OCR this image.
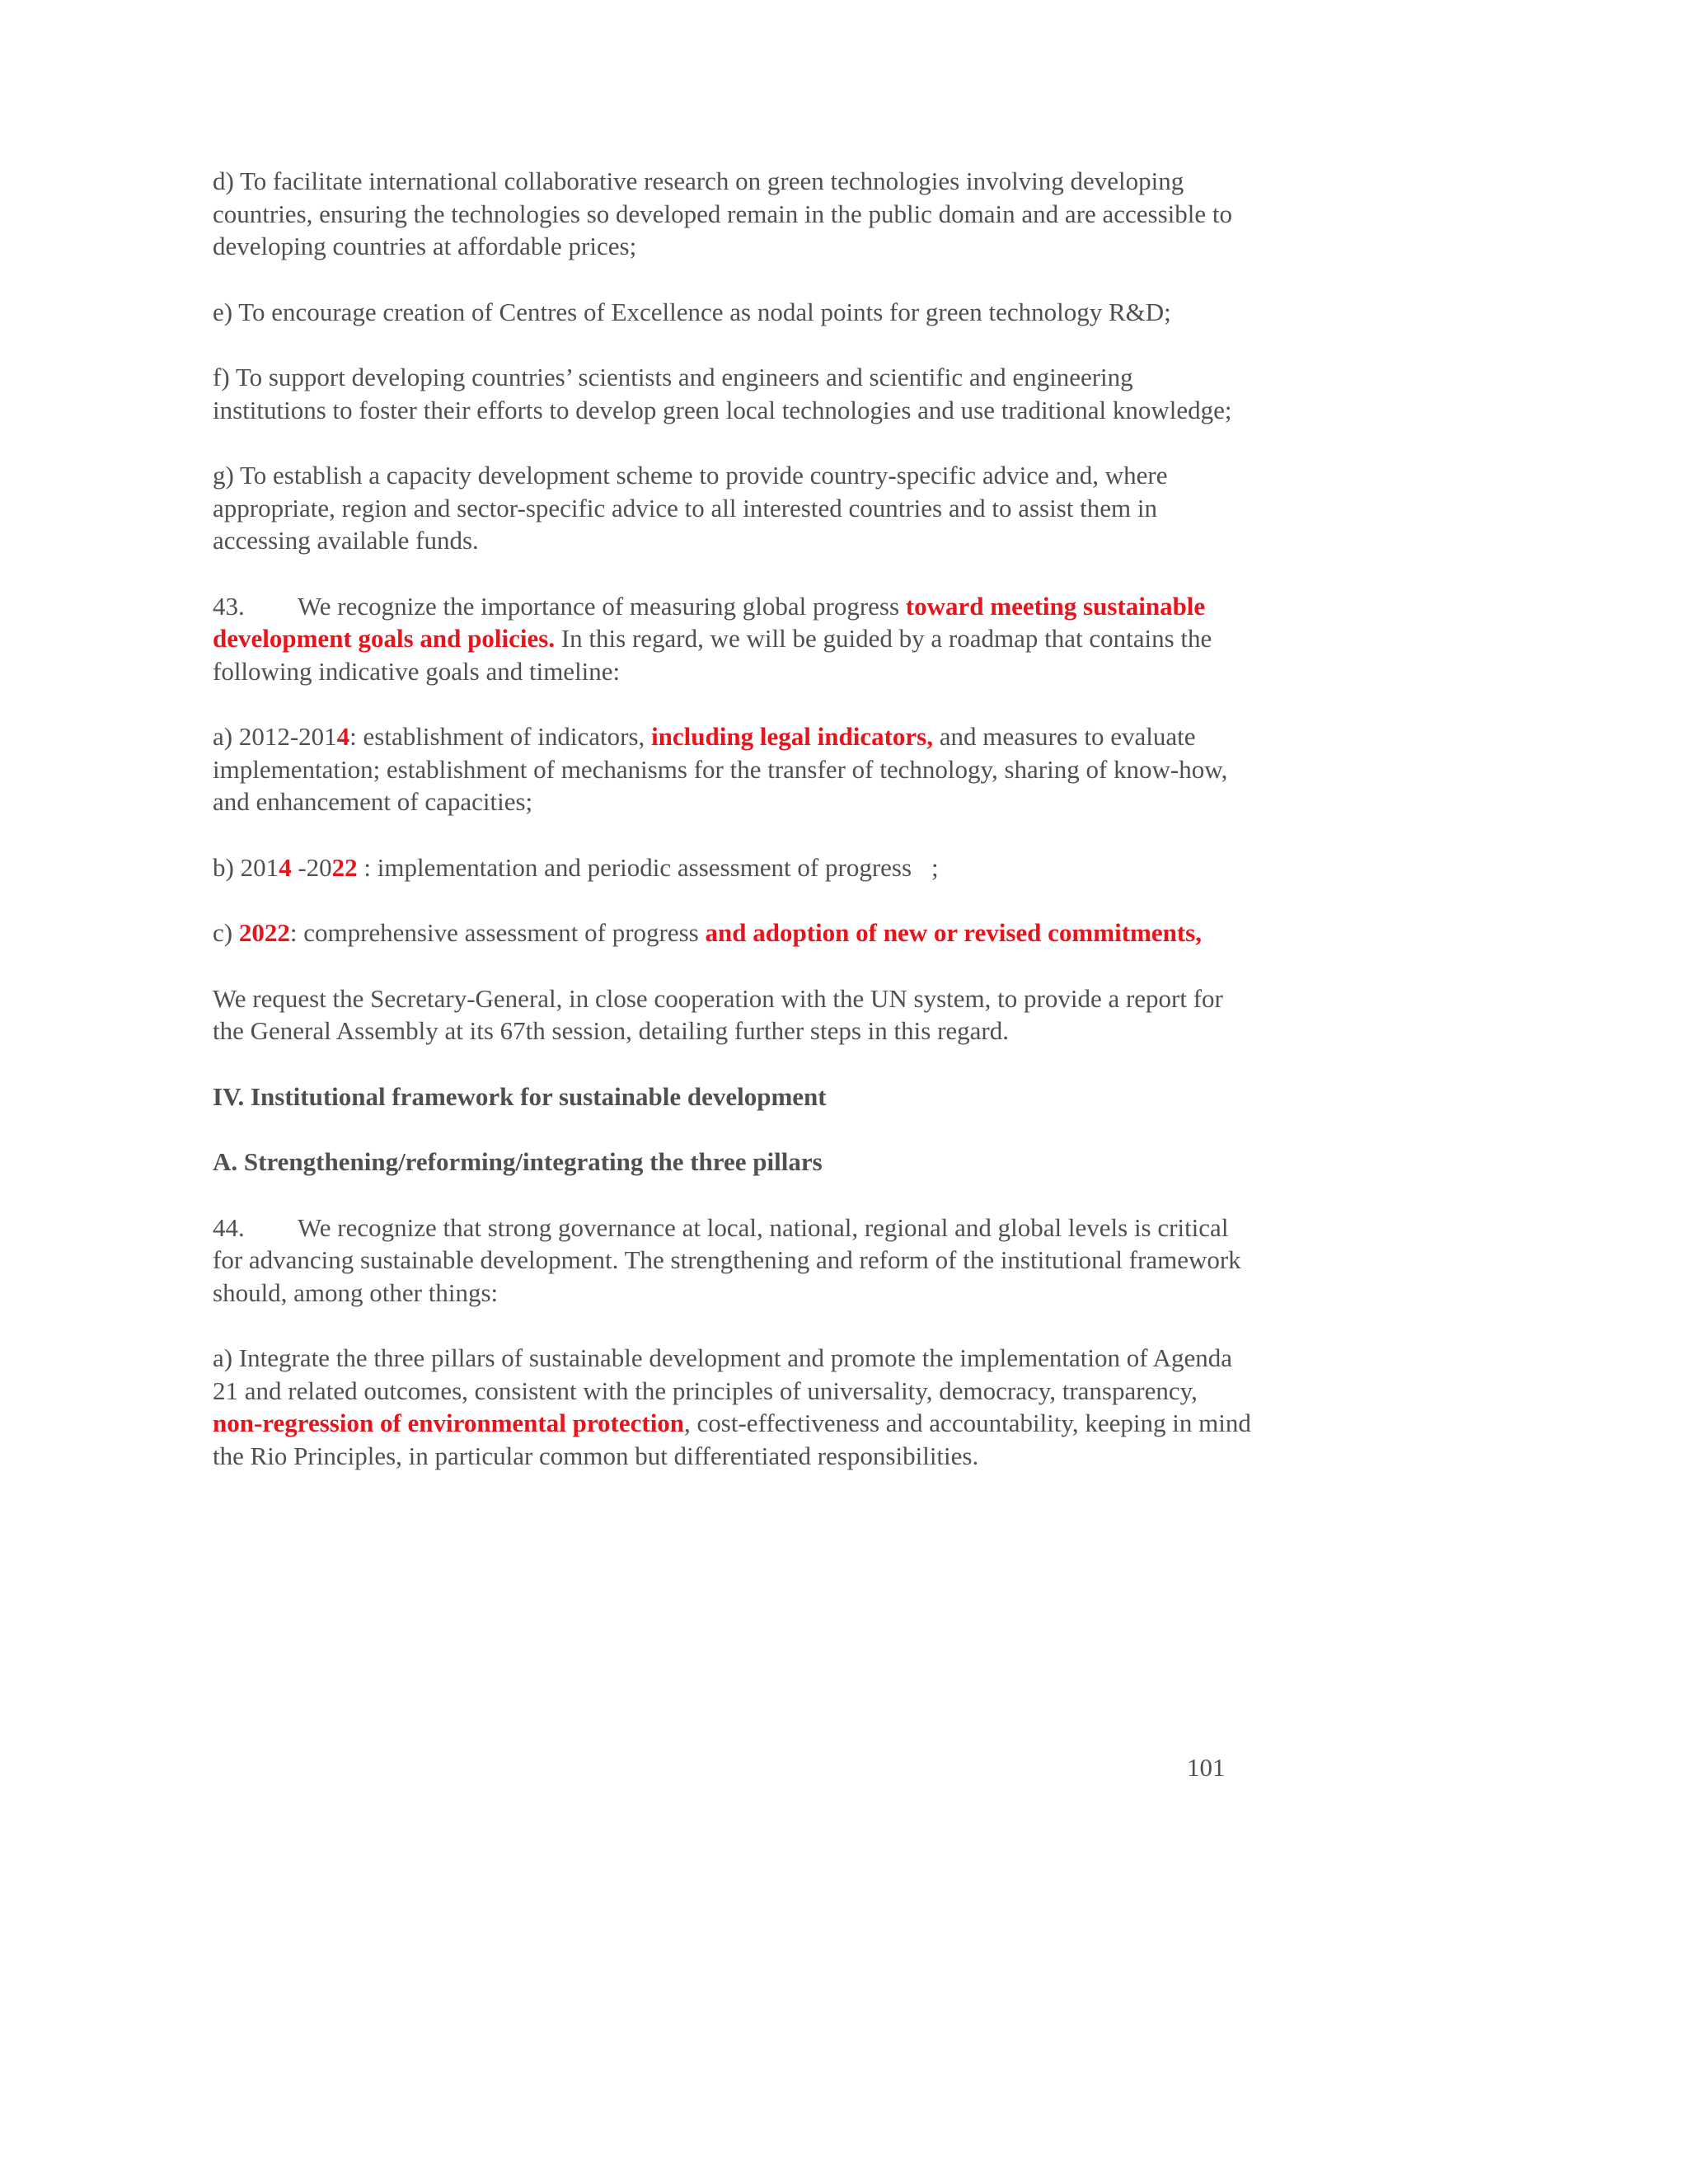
d) To facilitate international collaborative research on green technologies involving developing countries, ensuring the technologies so developed remain in the public domain and are accessible to developing countries at affordable prices;

e) To encourage creation of Centres of Excellence as nodal points for green technology R&D;

f) To support developing countries’ scientists and engineers and scientific and engineering institutions to foster their efforts to develop green local technologies and use traditional knowledge;

g) To establish a capacity development scheme to provide country-specific advice and, where appropriate, region and sector-specific advice to all interested countries and to assist them in accessing available funds.

43. We recognize the importance of measuring global progress toward meeting sustainable development goals and policies. In this regard, we will be guided by a roadmap that contains the following indicative goals and timeline:

a) 2012-2014: establishment of indicators, including legal indicators, and measures to evaluate implementation; establishment of mechanisms for the transfer of technology, sharing of know-how, and enhancement of capacities;

b) 2014 -2022 : implementation and periodic assessment of progress ;

c) 2022: comprehensive assessment of progress and adoption of new or revised commitments,

We request the Secretary-General, in close cooperation with the UN system, to provide a report for the General Assembly at its 67th session, detailing further steps in this regard.

IV. Institutional framework for sustainable development

A. Strengthening/reforming/integrating the three pillars

44. We recognize that strong governance at local, national, regional and global levels is critical for advancing sustainable development. The strengthening and reform of the institutional framework should, among other things:

a) Integrate the three pillars of sustainable development and promote the implementation of Agenda 21 and related outcomes, consistent with the principles of universality, democracy, transparency, non-regression of environmental protection, cost-effectiveness and accountability, keeping in mind the Rio Principles, in particular common but differentiated responsibilities.

101
